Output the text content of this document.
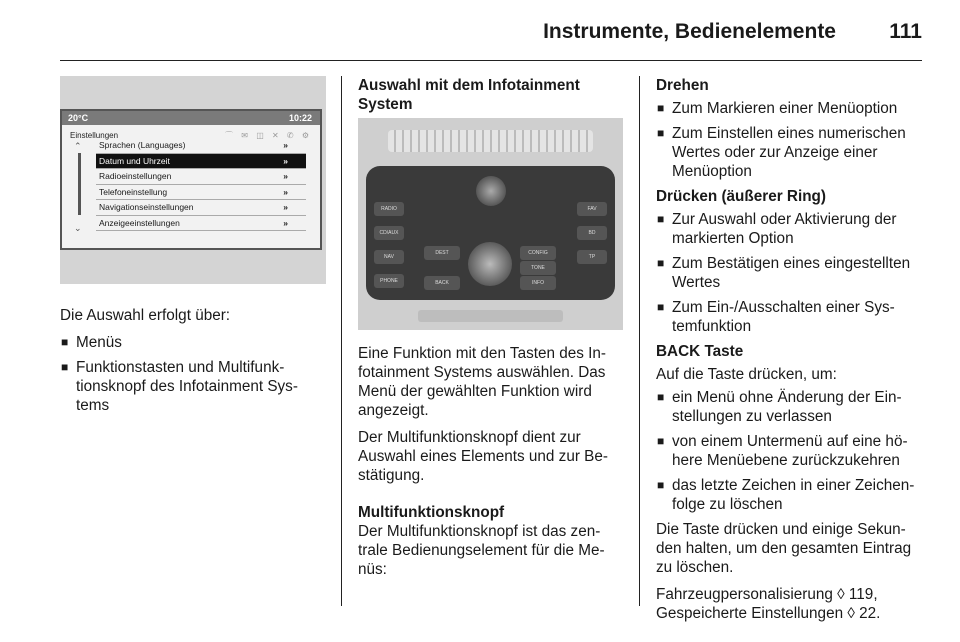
Instrumente, Bedienelemente	111
20°C	10:22
Einstellungen	⌒ ✉ ◫ ✕ ✆ ⚙
⌃
⌄
Sprachen (Languages)	»
Datum und Uhrzeit	»
Radioeinstellungen	»
Telefoneinstellung	»
Navigationseinstellungen	»
Anzeigeeinstellungen	»

Die Auswahl erfolgt über:

■ Menüs
■ Funktionstasten und Multifunk-tionsknopf des Infotainment Sys-tems

Auswahl mit dem Infotainment System

RADIO
CD/AUX
NAV
PHONE
FAV
BD
TP
DEST
BACK
CONFIG
TONE
INFO

Eine Funktion mit den Tasten des In-fotainment Systems auswählen. Das Menü der gewählten Funktion wird angezeigt.

Der Multifunktionsknopf dient zur Auswahl eines Elements und zur Be-stätigung.

Multifunktionsknopf

Der Multifunktionsknopf ist das zen-trale Bedienungselement für die Me-nüs:

Drehen

■ Zum Markieren einer Menüoption
■ Zum Einstellen eines numerischen Wertes oder zur Anzeige einer Menüoption

Drücken (äußerer Ring)

■ Zur Auswahl oder Aktivierung der markierten Option
■ Zum Bestätigen eines eingestellten Wertes
■ Zum Ein-/Ausschalten einer Sys-temfunktion

BACK Taste

Auf die Taste drücken, um:

■ ein Menü ohne Änderung der Ein-stellungen zu verlassen
■ von einem Untermenü auf eine hö-here Menüebene zurückzukehren
■ das letzte Zeichen in einer Zeichen-folge zu löschen

Die Taste drücken und einige Sekun-den halten, um den gesamten Eintrag zu löschen.

Fahrzeugpersonalisierung ◊ 119,

Gespeicherte Einstellungen ◊ 22.
